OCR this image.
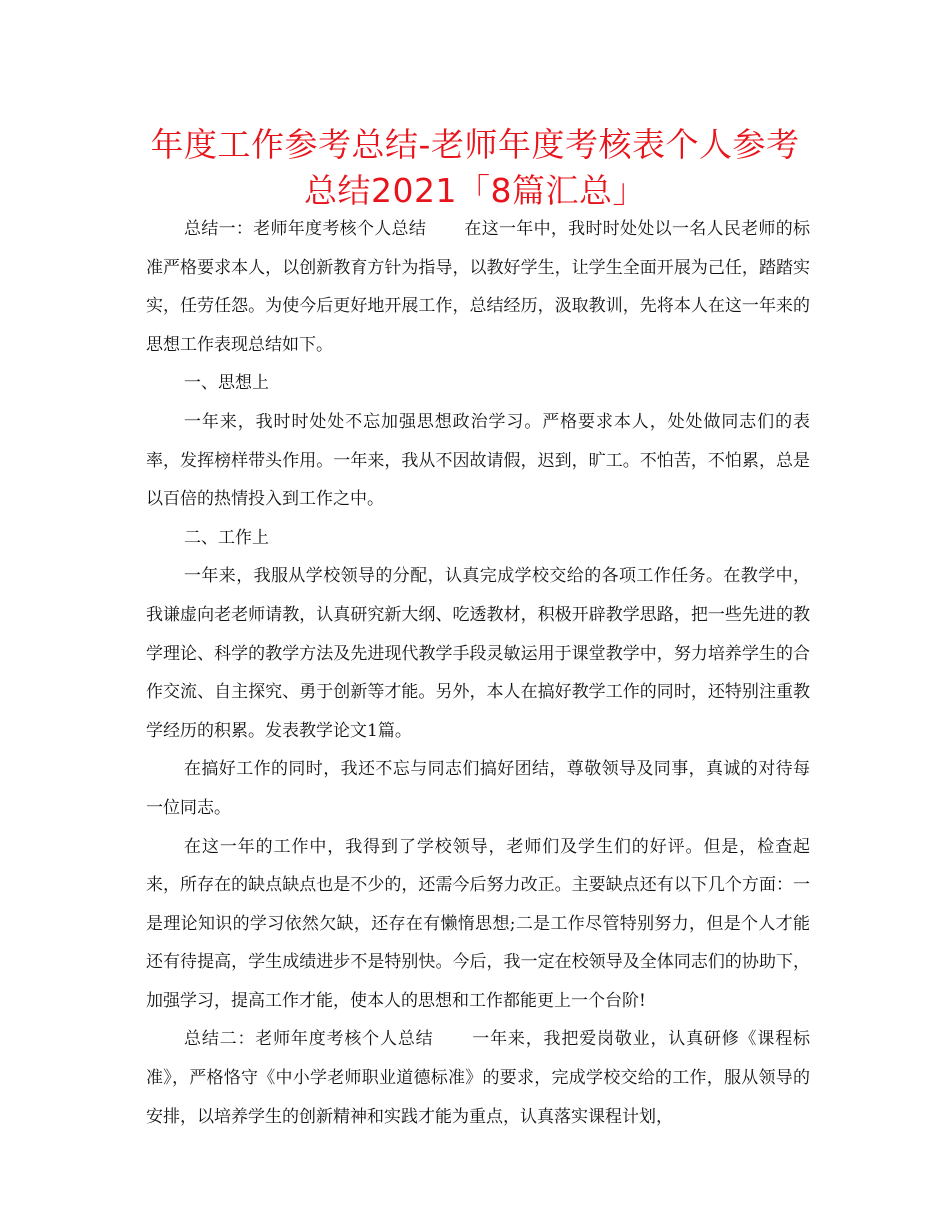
年度工作参考总结-老师年度考核表个人参考总结2021「8篇汇总」

总结一：老师年度考核个人总结 在这一年中，我时时处处以一名人民老师的标准严格要求本人，以创新教育方针为指导，以教好学生，让学生全面开展为己任，踏踏实实，任劳任怨。为使今后更好地开展工作，总结经历，汲取教训，先将本人在这一年来的思想工作表现总结如下。

一、思想上

一年来，我时时处处不忘加强思想政治学习。严格要求本人，处处做同志们的表率，发挥榜样带头作用。一年来，我从不因故请假，迟到，旷工。不怕苦，不怕累，总是以百倍的热情投入到工作之中。

二、工作上

一年来，我服从学校领导的分配，认真完成学校交给的各项工作任务。在教学中，我谦虚向老老师请教，认真研究新大纲、吃透教材，积极开辟教学思路，把一些先进的教学理论、科学的教学方法及先进现代教学手段灵敏运用于课堂教学中，努力培养学生的合作交流、自主探究、勇于创新等才能。另外，本人在搞好教学工作的同时，还特别注重教学经历的积累。发表教学论文1篇。

在搞好工作的同时，我还不忘与同志们搞好团结，尊敬领导及同事，真诚的对待每一位同志。

在这一年的工作中，我得到了学校领导，老师们及学生们的好评。但是，检查起来，所存在的缺点缺点也是不少的，还需今后努力改正。主要缺点还有以下几个方面：一是理论知识的学习依然欠缺，还存在有懒惰思想;二是工作尽管特别努力，但是个人才能还有待提高，学生成绩进步不是特别快。今后，我一定在校领导及全体同志们的协助下，加强学习，提高工作才能，使本人的思想和工作都能更上一个台阶!

总结二：老师年度考核个人总结 一年来，我把爱岗敬业，认真研修《课程标准》，严格恪守《中小学老师职业道德标准》的要求，完成学校交给的工作，服从领导的安排，以培养学生的创新精神和实践才能为重点，认真落实课程计划，
